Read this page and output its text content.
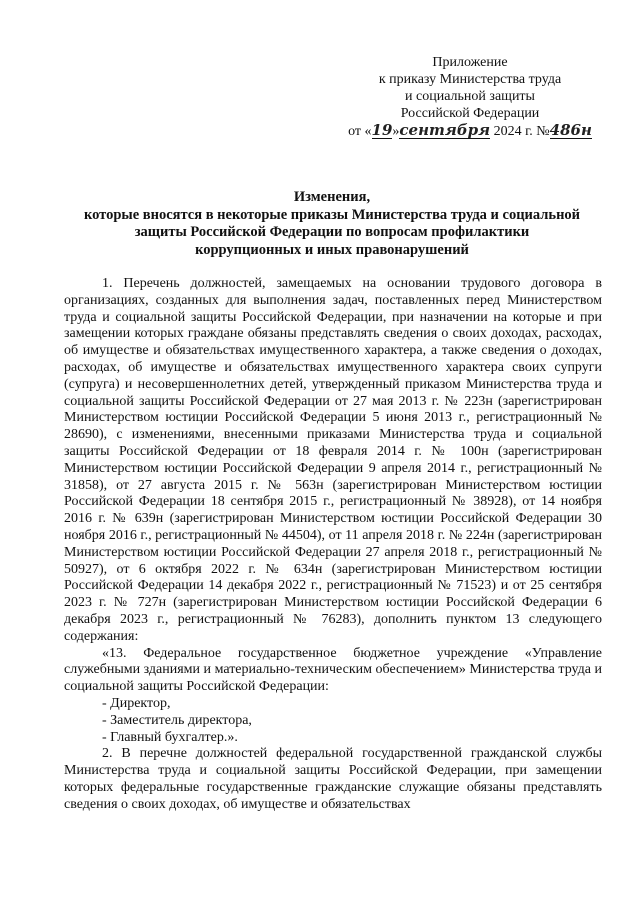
Приложение
к приказу Министерства труда
и социальной защиты
Российской Федерации
от «19»сентября 2024 г. №486н
Изменения,
которые вносятся в некоторые приказы Министерства труда и социальной
защиты Российской Федерации по вопросам профилактики
коррупционных и иных правонарушений

1. Перечень должностей, замещаемых на основании трудового договора в организациях, созданных для выполнения задач, поставленных перед Министерством труда и социальной защиты Российской Федерации, при назначении на которые и при замещении которых граждане обязаны представлять сведения о своих доходах, расходах, об имуществе и обязательствах имущественного характера, а также сведения о доходах, расходах, об имуществе и обязательствах имущественного характера своих супруги (супруга) и несовершеннолетних детей, утвержденный приказом Министерства труда и социальной защиты Российской Федерации от 27 мая 2013 г. № 223н (зарегистрирован Министерством юстиции Российской Федерации 5 июня 2013 г., регистрационный № 28690), с изменениями, внесенными приказами Министерства труда и социальной защиты Российской Федерации от 18 февраля 2014 г. № 100н (зарегистрирован Министерством юстиции Российской Федерации 9 апреля 2014 г., регистрационный № 31858), от 27 августа 2015 г. № 563н (зарегистрирован Министерством юстиции Российской Федерации 18 сентября 2015 г., регистрационный № 38928), от 14 ноября 2016 г. № 639н (зарегистрирован Министерством юстиции Российской Федерации 30 ноября 2016 г., регистрационный № 44504), от 11 апреля 2018 г. № 224н (зарегистрирован Министерством юстиции Российской Федерации 27 апреля 2018 г., регистрационный № 50927), от 6 октября 2022 г. № 634н (зарегистрирован Министерством юстиции Российской Федерации 14 декабря 2022 г., регистрационный № 71523) и от 25 сентября 2023 г. № 727н (зарегистрирован Министерством юстиции Российской Федерации 6 декабря 2023 г., регистрационный № 76283), дополнить пунктом 13 следующего содержания:

«13. Федеральное государственное бюджетное учреждение «Управление служебными зданиями и материально-техническим обеспечением» Министерства труда и социальной защиты Российской Федерации:

- Директор,

- Заместитель директора,

- Главный бухгалтер.».

2. В перечне должностей федеральной государственной гражданской службы Министерства труда и социальной защиты Российской Федерации, при замещении которых федеральные государственные гражданские служащие обязаны представлять сведения о своих доходах, об имуществе и обязательствах
